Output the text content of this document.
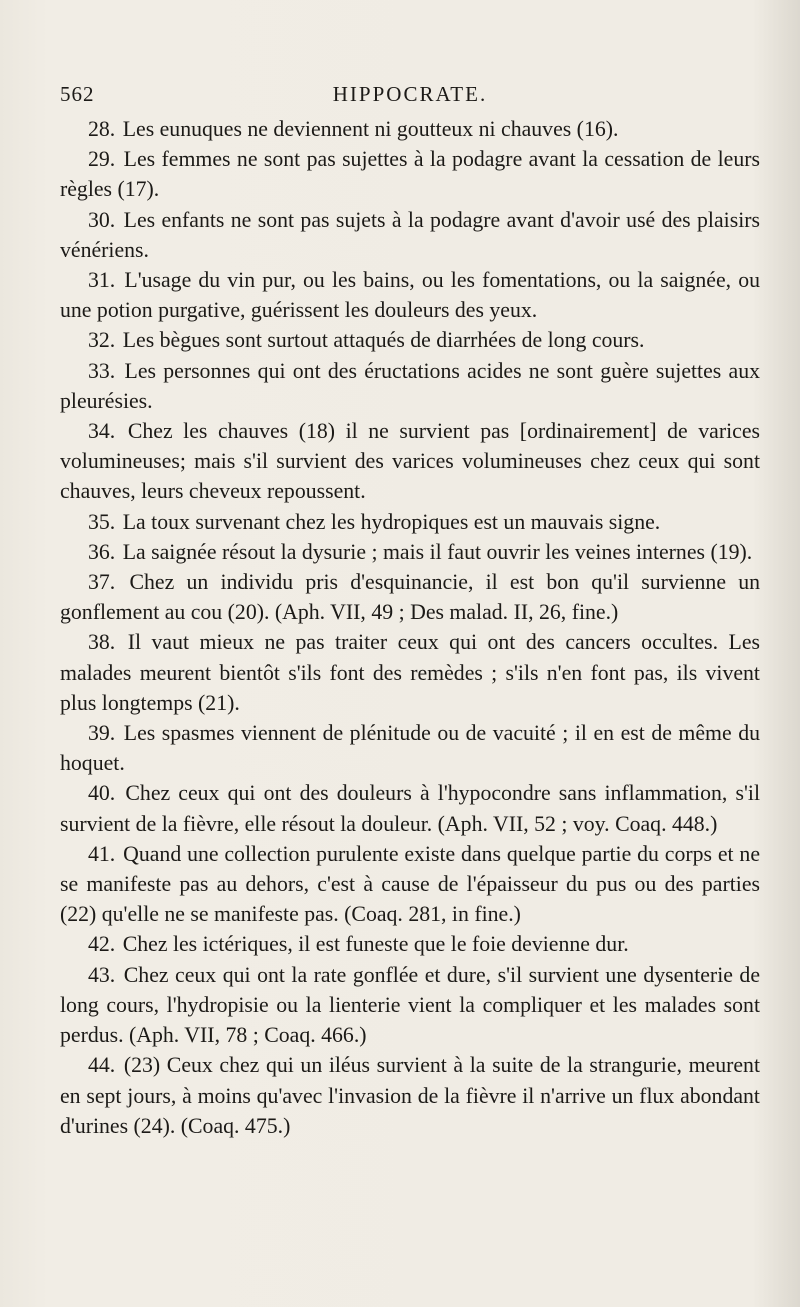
562	HIPPOCRATE.

28. Les eunuques ne deviennent ni goutteux ni chauves (16).

29. Les femmes ne sont pas sujettes à la podagre avant la cessation de leurs règles (17).

30. Les enfants ne sont pas sujets à la podagre avant d'avoir usé des plaisirs vénériens.

31. L'usage du vin pur, ou les bains, ou les fomentations, ou la saignée, ou une potion purgative, guérissent les douleurs des yeux.

32. Les bègues sont surtout attaqués de diarrhées de long cours.

33. Les personnes qui ont des éructations acides ne sont guère sujettes aux pleurésies.

34. Chez les chauves (18) il ne survient pas [ordinairement] de varices volumineuses; mais s'il survient des varices volumineuses chez ceux qui sont chauves, leurs cheveux repoussent.

35. La toux survenant chez les hydropiques est un mauvais signe.

36. La saignée résout la dysurie ; mais il faut ouvrir les veines internes (19).

37. Chez un individu pris d'esquinancie, il est bon qu'il survienne un gonflement au cou (20). (Aph. VII, 49 ; Des malad. II, 26, fine.)

38. Il vaut mieux ne pas traiter ceux qui ont des cancers occultes. Les malades meurent bientôt s'ils font des remèdes ; s'ils n'en font pas, ils vivent plus longtemps (21).

39. Les spasmes viennent de plénitude ou de vacuité ; il en est de même du hoquet.

40. Chez ceux qui ont des douleurs à l'hypocondre sans inflammation, s'il survient de la fièvre, elle résout la douleur. (Aph. VII, 52 ; voy. Coaq. 448.)

41. Quand une collection purulente existe dans quelque partie du corps et ne se manifeste pas au dehors, c'est à cause de l'épaisseur du pus ou des parties (22) qu'elle ne se manifeste pas. (Coaq. 281, in fine.)

42. Chez les ictériques, il est funeste que le foie devienne dur.

43. Chez ceux qui ont la rate gonflée et dure, s'il survient une dysenterie de long cours, l'hydropisie ou la lienterie vient la compliquer et les malades sont perdus. (Aph. VII, 78 ; Coaq. 466.)

44. (23) Ceux chez qui un iléus survient à la suite de la strangurie, meurent en sept jours, à moins qu'avec l'invasion de la fièvre il n'arrive un flux abondant d'urines (24). (Coaq. 475.)
